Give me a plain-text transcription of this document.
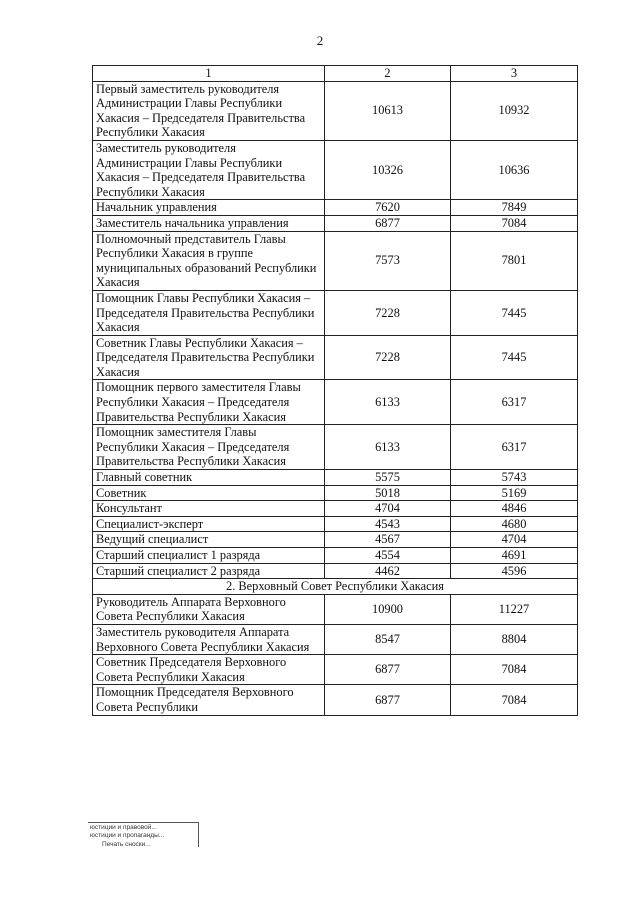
2
1	2	3
Первый заместитель руководителя Администрации Главы Республики Хакасия – Председателя Правительства Республики Хакасия	10613	10932
Заместитель руководителя Администрации Главы Республики Хакасия – Председателя Правительства Республики Хакасия	10326	10636
Начальник управления	7620	7849
Заместитель начальника управления	6877	7084
Полномочный представитель Главы Республики Хакасия в группе муниципальных образований Республики Хакасия	7573	7801
Помощник Главы Республики Хакасия – Председателя Правительства Республики Хакасия	7228	7445
Советник Главы Республики Хакасия – Председателя Правительства Республики Хакасия	7228	7445
Помощник первого заместителя Главы Республики Хакасия – Председателя Правительства Республики Хакасия	6133	6317
Помощник заместителя Главы Республики Хакасия – Председателя Правительства Республики Хакасия	6133	6317
Главный советник	5575	5743
Советник	5018	5169
Консультант	4704	4846
Специалист-эксперт	4543	4680
Ведущий специалист	4567	4704
Старший специалист 1 разряда	4554	4691
Старший специалист 2 разряда	4462	4596
2. Верховный Совет Республики Хакасия		
Руководитель Аппарата Верховного Совета Республики Хакасия	10900	11227
Заместитель руководителя Аппарата Верховного Совета Республики Хакасия	8547	8804
Советник Председателя Верховного Совета Республики Хакасия	6877	7084
Помощник Председателя Верховного Совета Республики	6877	7084
юстиции и правовой...
юстиции и пропаганды...
Печать сноски...
